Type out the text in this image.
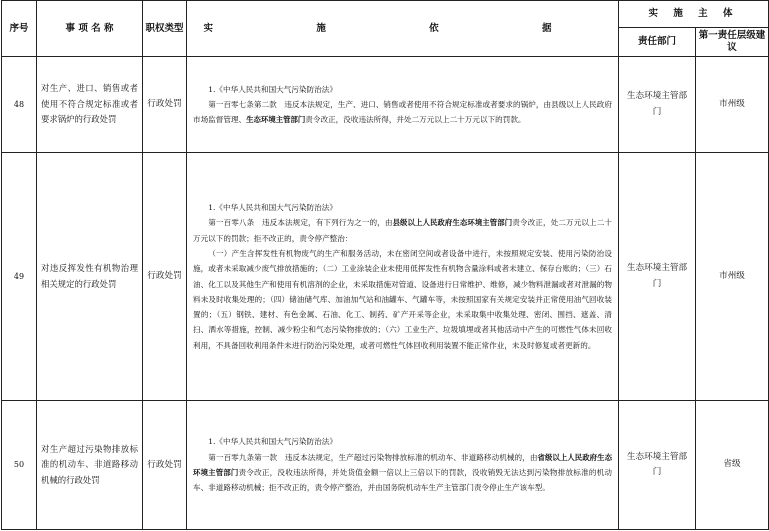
序号	事 项 名 称	职权类型	实 施 依 据	实 施 主 体	
				责任部门	第一责任层级建议
48	对生产、进口、销售或者使用不符合规定标准或者要求锅炉的行政处罚	行政处罚	1.《中华人民共和国大气污染防治法》

第一百零七条第二款　违反本法规定，生产、进口、销售或者使用不符合规定标准或者要求的锅炉，由县级以上人民政府市场监督管理、生态环境主管部门责令改正，没收违法所得，并处二万元以上二十万元以下的罚款。	生态环境主管部门	市州级
49	对违反挥发性有机物治理相关规定的行政处罚	行政处罚	1.《中华人民共和国大气污染防治法》

第一百零八条　违反本法规定，有下列行为之一的，由县级以上人民政府生态环境主管部门责令改正，处二万元以上二十万元以下的罚款；拒不改正的，责令停产整治：

（一）产生含挥发性有机物废气的生产和服务活动，未在密闭空间或者设备中进行，未按照规定安装、使用污染防治设施，或者未采取减少废气排放措施的；（二）工业涂装企业未使用低挥发性有机物含量涂料或者未建立、保存台账的；（三）石油、化工以及其他生产和使用有机溶剂的企业，未采取措施对管道、设备进行日常维护、维修，减少物料泄漏或者对泄漏的物料未及时收集处理的；（四）储油储气库、加油加气站和油罐车、气罐车等，未按照国家有关规定安装并正常使用油气回收装置的；（五）钢铁、建材、有色金属、石油、化工、制药、矿产开采等企业，未采取集中收集处理、密闭、围挡、遮盖、清扫、洒水等措施，控制、减少粉尘和气态污染物排放的；（六）工业生产、垃圾填埋或者其他活动中产生的可燃性气体未回收利用，不具备回收利用条件未进行防治污染处理，或者可燃性气体回收利用装置不能正常作业，未及时修复或者更新的。	生态环境主管部门	市州级
50	对生产超过污染物排放标准的机动车、非道路移动机械的行政处罚	行政处罚	1.《中华人民共和国大气污染防治法》

第一百零九条第一款　违反本法规定，生产超过污染物排放标准的机动车、非道路移动机械的，由省级以上人民政府生态环境主管部门责令改正，没收违法所得，并处货值金额一倍以上三倍以下的罚款，没收销毁无法达到污染物排放标准的机动车、非道路移动机械；拒不改正的，责令停产整治，并由国务院机动车生产主管部门责令停止生产该车型。	生态环境主管部门	省级
